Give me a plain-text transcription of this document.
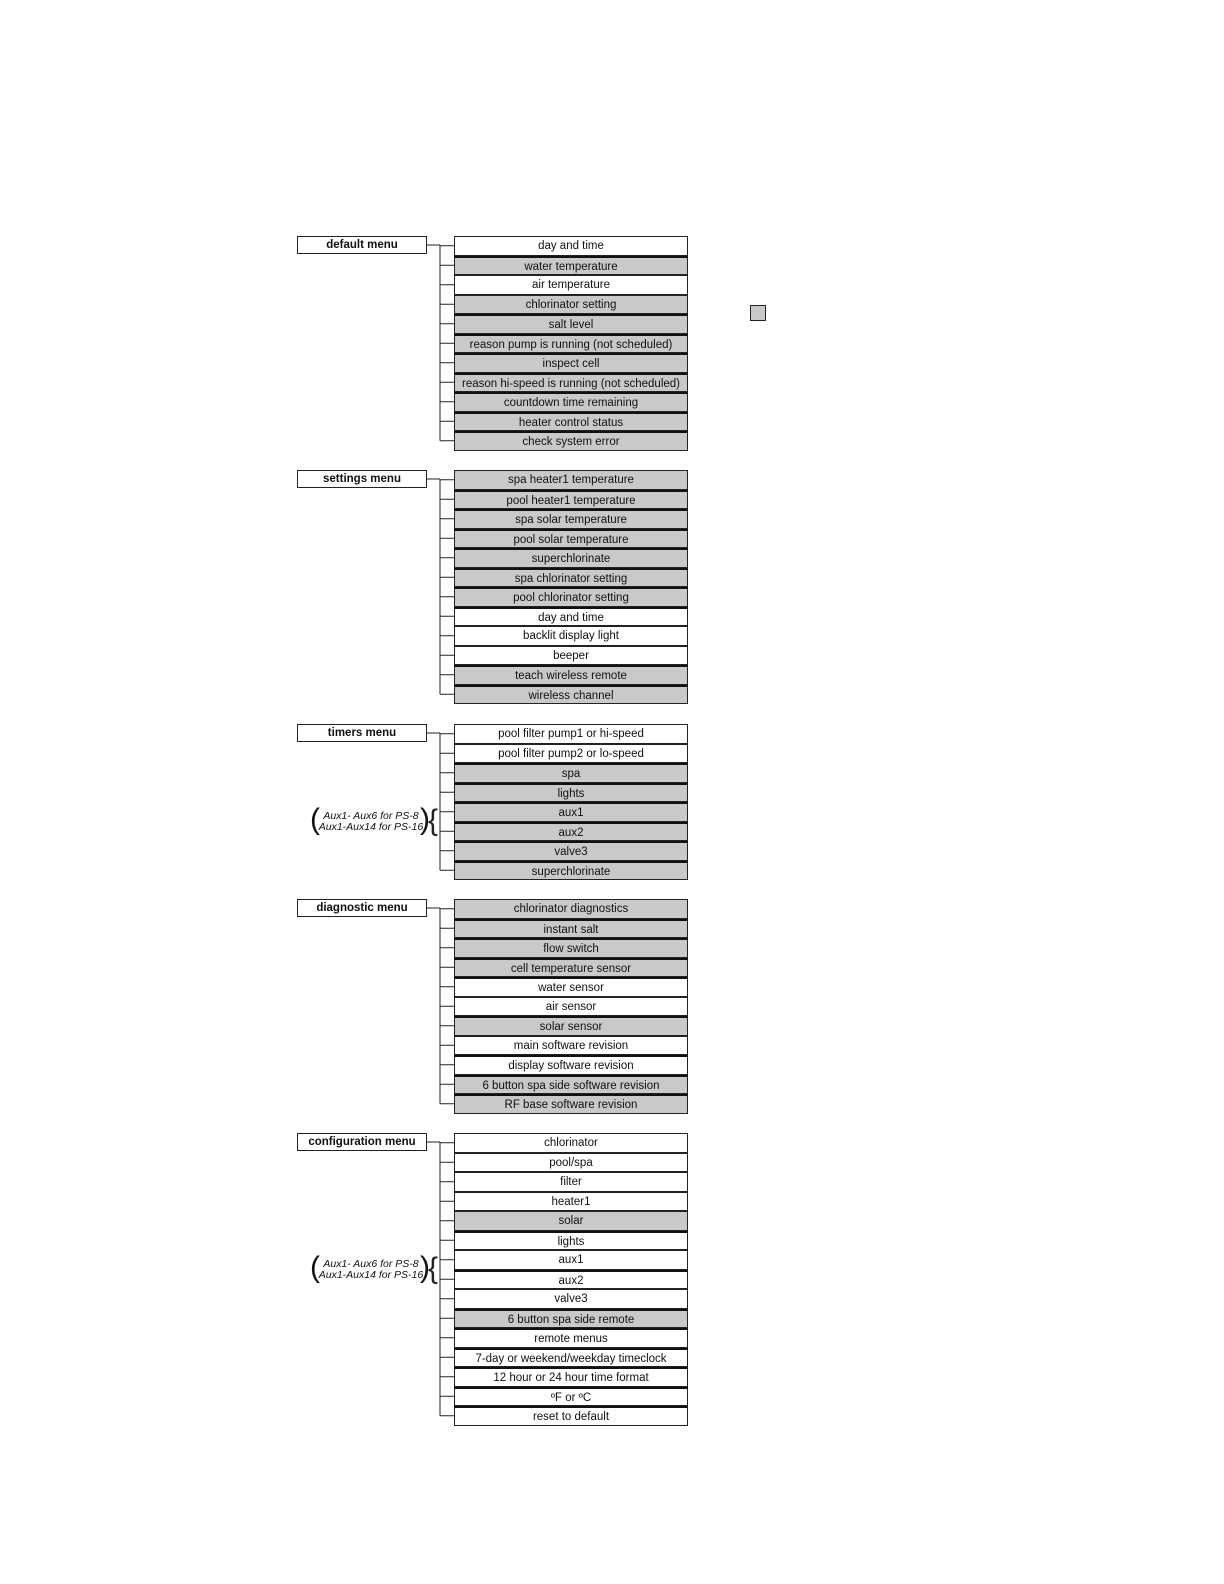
default menu	day and time
water temperature
air temperature
chlorinator setting
salt level
reason pump is running (not scheduled)
inspect cell
reason hi-speed is running (not scheduled)
countdown time remaining
heater control status
check system error
settings menu	spa heater1 temperature
pool heater1 temperature
spa solar temperature
pool solar temperature
superchlorinate
spa chlorinator setting
pool chlorinator setting
day and time
backlit display light
beeper
teach wireless remote
wireless channel
timers menu	pool filter pump1 or hi-speed
pool filter pump2 or lo-speed
spa
lights
aux1
aux2
valve3
superchlorinate
( Aux1- Aux6 for PS-8
Aux1-Aux14 for PS-16
)
{
diagnostic menu	chlorinator diagnostics
instant salt
flow switch
cell temperature sensor
water sensor
air sensor
solar sensor
main software revision
display software revision
6 button spa side software revision
RF base software revision
configuration menu	chlorinator
pool/spa
filter
heater1
solar
lights
aux1
aux2
valve3
6 button spa side remote
remote menus
7-day or weekend/weekday timeclock
12 hour or 24 hour time format
ºF or ºC
reset to default
( Aux1- Aux6 for PS-8
Aux1-Aux14 for PS-16
)
{
